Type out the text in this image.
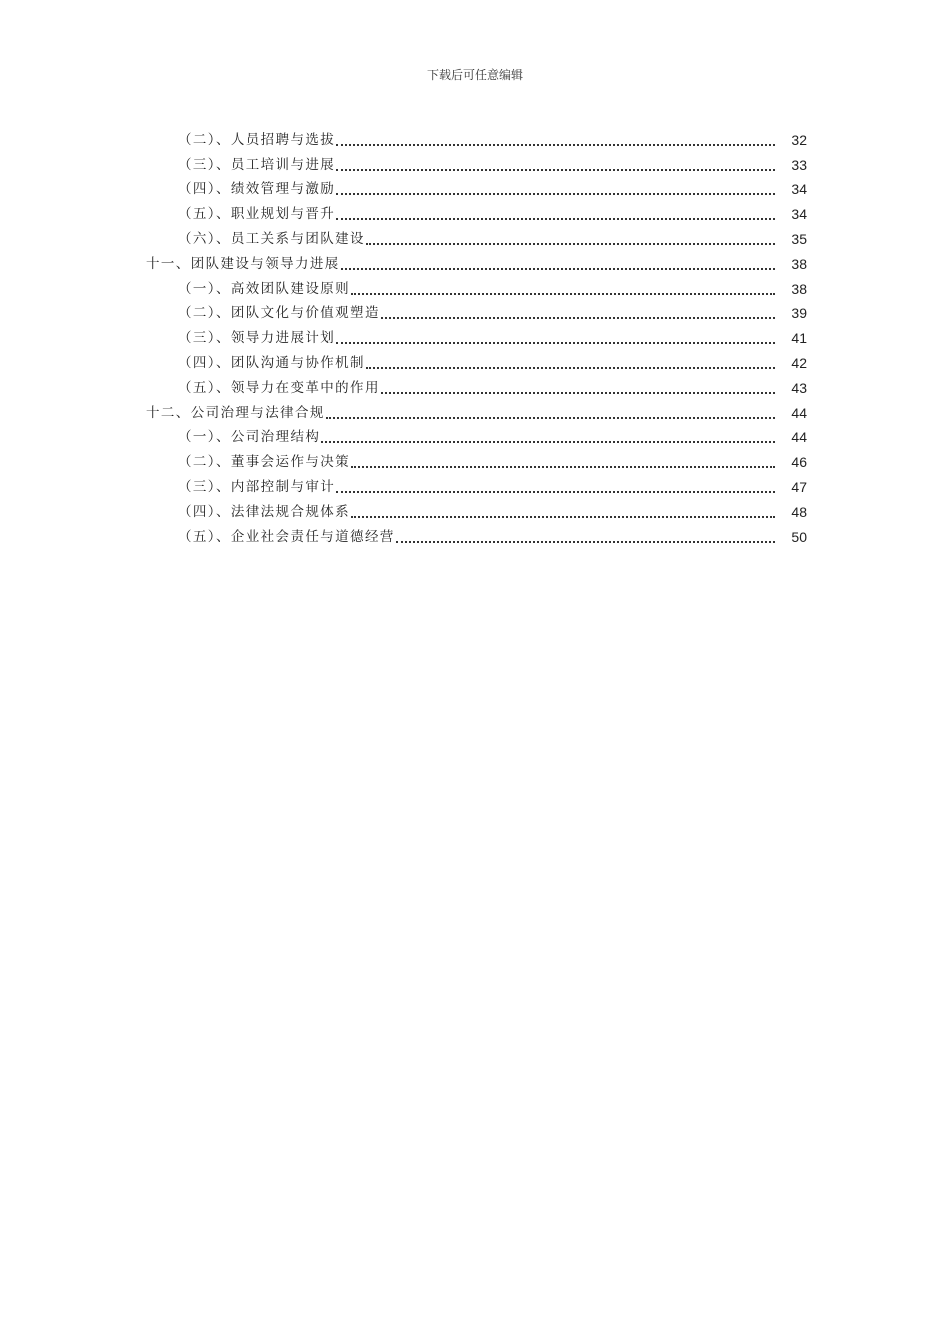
下载后可任意编辑
（二）、人员招聘与选拔	32
（三）、员工培训与进展	33
（四）、绩效管理与激励	34
（五）、职业规划与晋升	34
（六）、员工关系与团队建设	35
十一、团队建设与领导力进展	38
（一）、高效团队建设原则	38
（二）、团队文化与价值观塑造	39
（三）、领导力进展计划	41
（四）、团队沟通与协作机制	42
（五）、领导力在变革中的作用	43
十二、公司治理与法律合规	44
（一）、公司治理结构	44
（二）、董事会运作与决策	46
（三）、内部控制与审计	47
（四）、法律法规合规体系	48
（五）、企业社会责任与道德经营	50
